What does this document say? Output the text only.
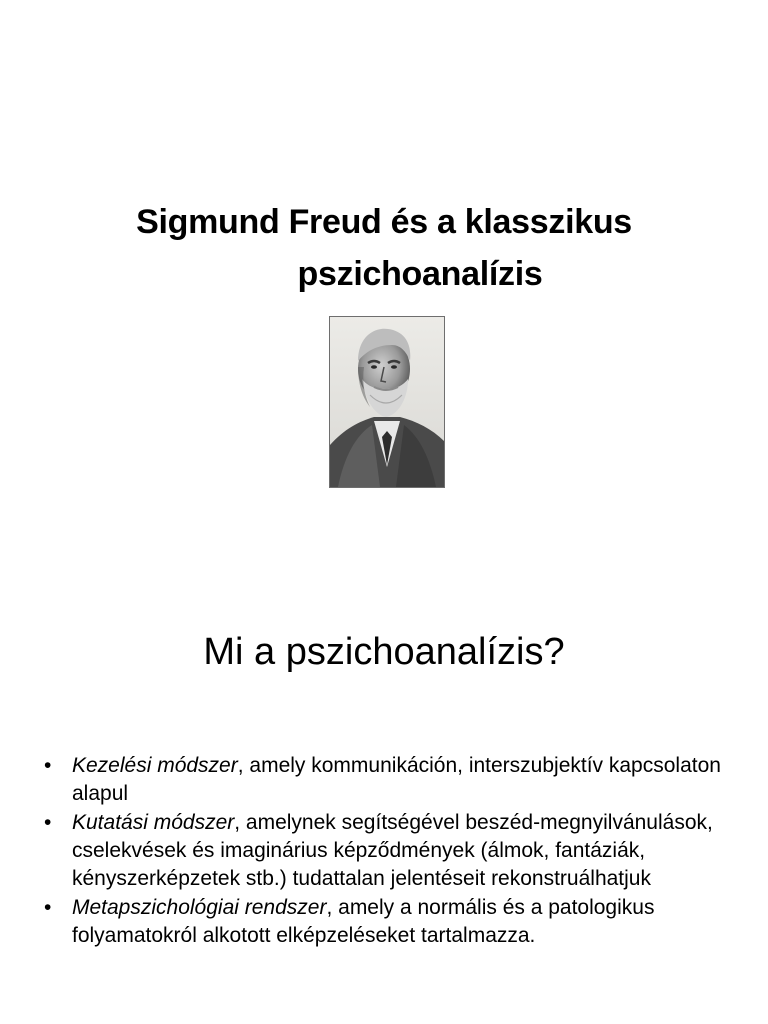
Sigmund Freud és a klasszikus
pszichoanalízis
Mi a pszichoanalízis?
• Kezelési módszer, amely kommunikáción, interszubjektív kapcsolaton alapul
• Kutatási módszer, amelynek segítségével beszéd-megnyilvánulások, cselekvések és imaginárius képződmények (álmok, fantáziák, kényszerképzetek stb.) tudattalan jelentéseit rekonstruálhatjuk
• Metapszichológiai rendszer, amely a normális és a patologikus folyamatokról alkotott elképzeléseket tartalmazza.
